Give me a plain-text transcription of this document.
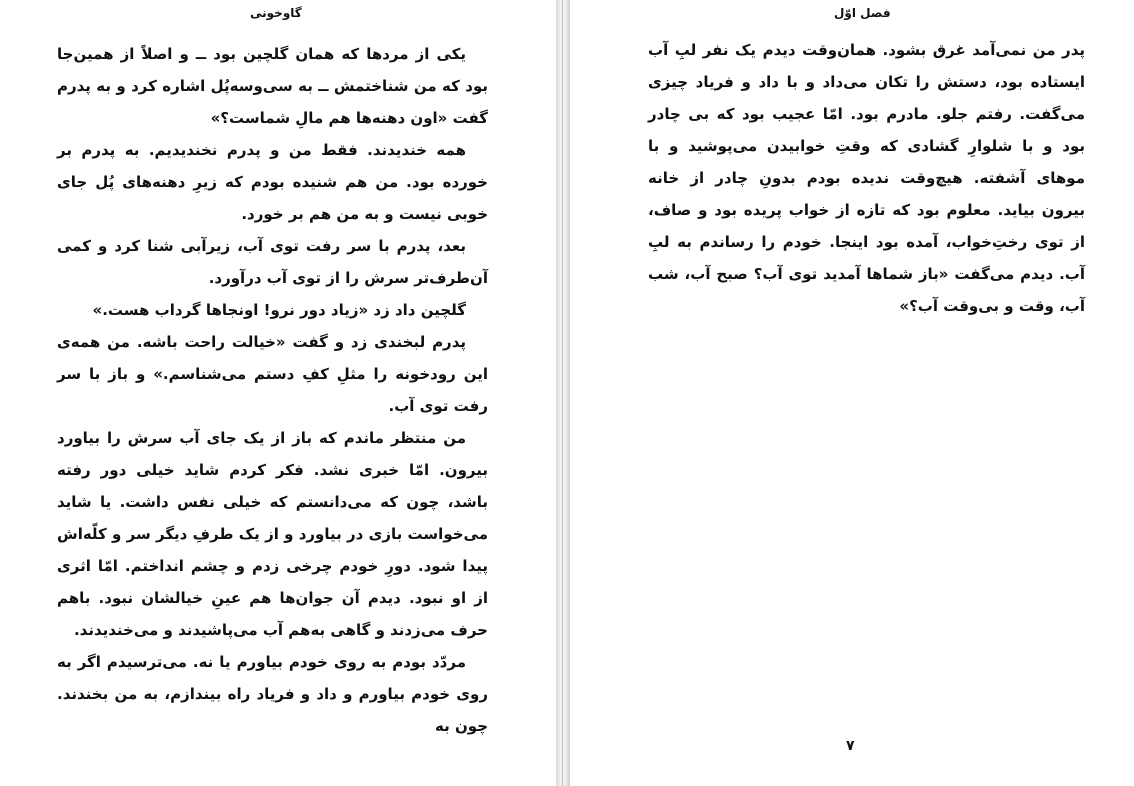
گاوخونی

یکی از مردها که همان گلچین بود ــ و اصلاً از همین‌جا بود که من شناختمش ــ به سی‌وسه‌پُل اشاره کرد و به پدرم گفت «اون دهنه‌ها هم مالِ شماست؟»

همه خندیدند. فقط من و پدرم نخندیدیم. به پدرم بر خورده بود. من هم شنیده بودم که زیرِ دهنه‌های پُل جای خوبی نیست و به من هم بر خورد.

بعد، پدرم با سر رفت توی آب، زیرآبی شنا کرد و کمی آن‌طرف‌تر سرش را از توی آب درآورد.

گلچین داد زد «زیاد دور نرو! اونجاها گرداب هست.»

پدرم لبخندی زد و گفت «خیالت راحت باشه. من همه‌ی این رودخونه را مثلِ کفِ دستم می‌شناسم.» و باز با سر رفت توی آب.

من منتظر ماندم که باز از یک جای آب سرش را بیاورد بیرون. امّا خبری نشد. فکر کردم شاید خیلی دور رفته باشد، چون که می‌دانستم که خیلی نفس داشت. یا شاید می‌خواست بازی در بیاورد و از یک طرفِ دیگر سر و کلّه‌اش پیدا شود. دورِ خودم چرخی زدم و چشم انداختم. امّا اثری از او نبود. دیدم آن جوان‌ها هم عینِ خیالشان نبود. باهم حرف می‌زدند و گاهی به‌هم آب می‌پاشیدند و می‌خندیدند.

مردّد بودم به روی خودم بیاورم یا نه. می‌ترسیدم اگر به روی خودم بیاورم و داد و فریاد راه بیندازم، به من بخندند. چون به

فصل اوّل

پدر من نمی‌آمد غرق بشود. همان‌وقت دیدم یک نفر لبِ آب ایستاده بود، دستش را تکان می‌داد و با داد و فریاد چیزی می‌گفت. رفتم جلو. مادرم بود. امّا عجیب بود که بی چادر بود و با شلوارِ گشادی که وقتِ خوابیدن می‌پوشید و با موهای آشفته. هیچ‌وقت ندیده بودم بدونِ چادر از خانه بیرون بیاید. معلوم بود که تازه از خواب پریده بود و صاف، از توی رختِ‌خواب، آمده بود اینجا. خودم را رساندم به لبِ آب. دیدم می‌گفت «باز شماها آمدید توی آب؟ صبح آب، شب آب، وقت و بی‌وقت آب؟»

۷
